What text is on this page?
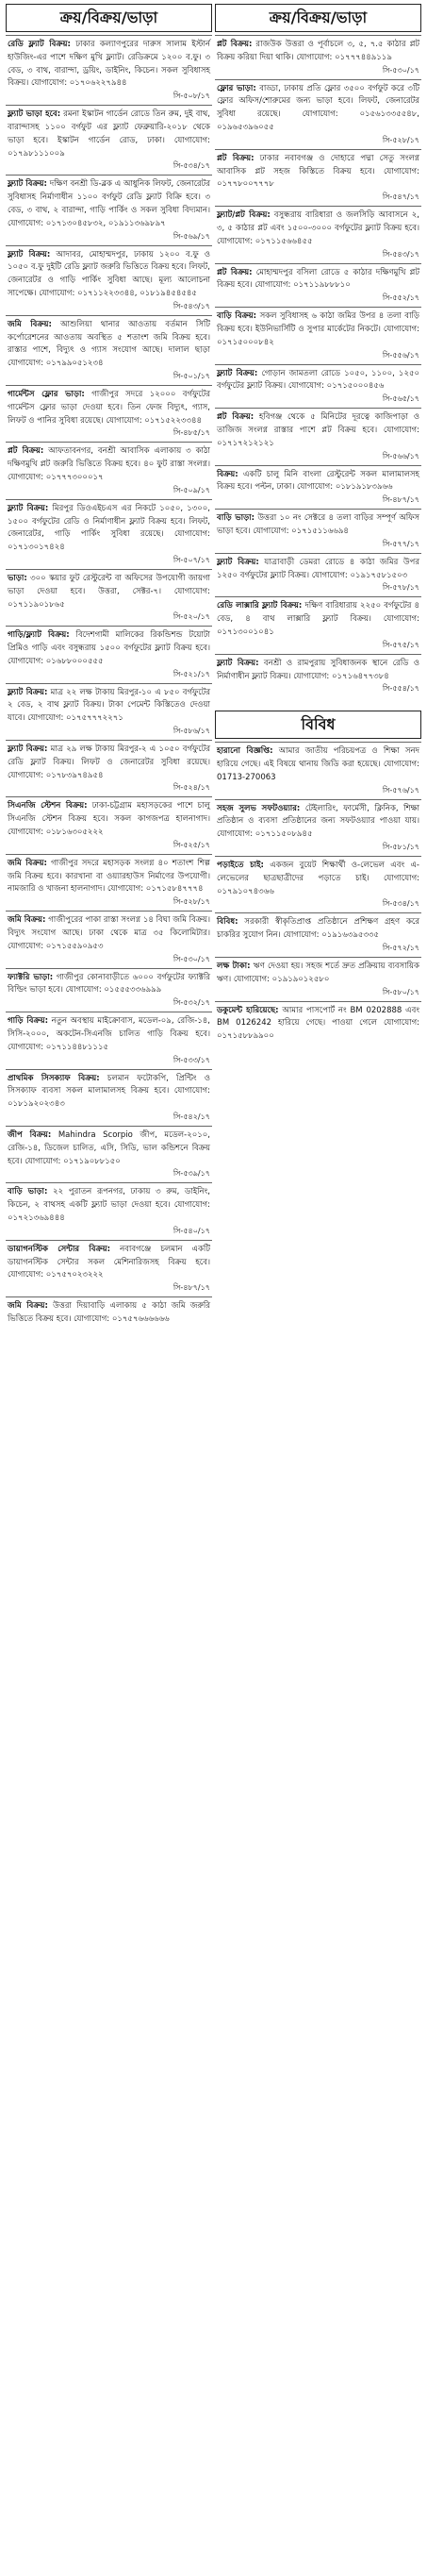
ক্রয়/বিক্রয়/ভাড়া
রেডি ফ্ল্যাট বিক্রয়: ঢাকার কল্যাণপুরের দারুস সালাম ইস্টার্ন হাউজিং-এর পাশে দক্ষিণ মুখি ফ্ল্যাট। রেডিক্রমে ১২০০ ব.ফু। ৩ বেড, ৩ বাথ, বারান্দা, ড্রয়িং, ডাইনিং, কিচেন। সকল সুবিধাসহ বিক্রয়। যোগাযোগ: ০১৭০৬২২৭৯৪৪
সি-৫০৮/১৭
ফ্ল্যাট ভাড়া হবে: রমনা ইস্কাটন গার্ডেন রোডে তিন রুম, দুই বাথ, বারান্দাসহ ১১০০ বর্গফুট এর ফ্ল্যাট ফেব্রুয়ারি-২০১৮ থেকে ভাড়া হবে। ইস্কাটন গার্ডেন রোড, ঢাকা। যোগাযোগ: ০১৭৯৮১১১০০৯
সি-৫৩৪/১৭
ফ্ল্যাট বিক্রয়: দক্ষিণ বনশ্রী ডি-ব্লক এ আধুনিক লিফট, জেনারেটর সুবিধাসহ নির্মাণাধীন ১১০০ বর্গফুট রেডি ফ্ল্যাট বিক্রি হবে। ৩ বেড, ৩ বাথ, ২ বারান্দা, গাড়ি পার্কিং ও সকল সুবিধা বিদ্যমান। যোগাযোগ: ০১৭১৩০৪৫৮৩২, ০১৯১১৩৬৯৮৯৭
সি-৫৬৯/১৭
ফ্ল্যাট বিক্রয়: আদাবর, মোহাম্মদপুর, ঢাকায় ১২০০ ব.ফু ও ১০৫০ ব.ফু দুইটি রেডি ফ্ল্যাট জরুরি ভিত্তিতে বিক্রয় হবে। লিফট, জেনারেটর ও গাড়ি পার্কিং সুবিধা আছে। মূল্য আলোচনা সাপেক্ষে। যোগাযোগ: ০১৭১১২২৩৩৪৪, ০১৮১৯৪৫৪৫৪৫
সি-৫৪৩/১৭
জমি বিক্রয়: আশুলিয়া থানার আওতায় বর্তমান সিটি কর্পোরেশনের আওতায় অবস্থিত ৫ শতাংশ জমি বিক্রয় হবে। রাস্তার পাশে, বিদ্যুৎ ও গ্যাস সংযোগ আছে। দালাল ছাড়া যোগাযোগ: ০১৭৯৯০৫১২৩৪
সি-৫০১/১৭
গার্মেন্টস ফ্লোর ভাড়া: গাজীপুর সদরে ১২০০০ বর্গফুটের গার্মেন্টস ফ্লোর ভাড়া দেওয়া হবে। তিন ফেজ বিদ্যুৎ, গ্যাস, লিফট ও পানির সুবিধা রয়েছে। যোগাযোগ: ০১৭১৫২২৩৩৪৪
সি-৪৮৫/১৭
প্লট বিক্রয়: আফতাবনগর, বনশ্রী আবাসিক এলাকায় ৩ কাঠা দক্ষিণমুখি প্লট জরুরি ভিত্তিতে বিক্রয় হবে। ৪০ ফুট রাস্তা সংলগ্ন। যোগাযোগ: ০১৭৭৭৩০০০১৭
সি-৫০৯/১৭
ফ্ল্যাট বিক্রয়: মিরপুর ডিওএইচএস এর নিকটে ১০৫০, ১৩০০, ১৫০০ বর্গফুটের রেডি ও নির্মাণাধীন ফ্ল্যাট বিক্রয় হবে। লিফট, জেনারেটর, গাড়ি পার্কিং সুবিধা রয়েছে। যোগাযোগ: ০১৭১৩০১৭৪২৪
সি-৫০৭/১৭
ভাড়া: ৩০০ স্কয়ার ফুট রেস্টুরেন্ট বা অফিসের উপযোগী জায়গা ভাড়া দেওয়া হবে। উত্তরা, সেক্টর-৭। যোগাযোগ: ০১৭১১৯০১৮৬৫
সি-৫২০/১৭
গাড়ি/ফ্ল্যাট বিক্রয়: বিদেশগামী মালিকের রিকন্ডিশন্ড টয়োটা প্রিমিও গাড়ি এবং বসুন্ধরায় ১৫০০ বর্গফুটের ফ্ল্যাট বিক্রয় হবে। যোগাযোগ: ০১৬৮৮০০০৫৫৫
সি-৫২১/১৭
ফ্ল্যাট বিক্রয়: মাত্র ২২ লক্ষ টাকায় মিরপুর-১০ এ ৮৫০ বর্গফুটের ২ বেড, ২ বাথ ফ্ল্যাট বিক্রয়। টাকা পেমেন্ট কিস্তিতেও দেওয়া যাবে। যোগাযোগ: ০১৭৫৭৭৭২২৭১
সি-৫৮৬/১৭
ফ্ল্যাট বিক্রয়: মাত্র ২৯ লক্ষ টাকায় মিরপুর-২ এ ১০৫০ বর্গফুটের রেডি ফ্ল্যাট বিক্রয়। লিফট ও জেনারেটর সুবিধা রয়েছে। যোগাযোগ: ০১৭৮৩৯৭৪৯৫৪
সি-৫২৪/১৭
সিএনজি স্টেশন বিক্রয়: ঢাকা-চট্টগ্রাম মহাসড়কের পাশে চালু সিএনজি স্টেশন বিক্রয় হবে। সকল কাগজপত্র হালনাগাদ। যোগাযোগ: ০১৮১৬৩০৫২২২
সি-৫২৫/১৭
জমি বিক্রয়: গাজীপুর সদরে মহাসড়ক সংলগ্ন ৪০ শতাংশ শিল্প জমি বিক্রয় হবে। কারখানা বা ওয়্যারহাউস নির্মাণের উপযোগী। নামজারি ও খাজনা হালনাগাদ। যোগাযোগ: ০১৭১৫৮৪৭৭৭৪
সি-৫২৮/১৭
জমি বিক্রয়: গাজীপুরের পাকা রাস্তা সংলগ্ন ১৪ বিঘা জমি বিক্রয়। বিদ্যুৎ সংযোগ আছে। ঢাকা থেকে মাত্র ৩৫ কিলোমিটার। যোগাযোগ: ০১৭১৫৫৯০৯৫৩
সি-৫৩০/১৭
ফ্যাক্টরি ভাড়া: গাজীপুর কোনাবাড়ীতে ৬০০০ বর্গফুটের ফ্যাক্টরি বিল্ডিং ভাড়া হবে। যোগাযোগ: ০১৫৫৫৩৩৬৯৯৯
সি-৫৩২/১৭
গাড়ি বিক্রয়: নতুন অবস্থায় মাইক্রোবাস, মডেল-০৯, রেজি-১৪, সিসি-২০০০, অকটেন-সিএনজি চালিত গাড়ি বিক্রয় হবে। যোগাযোগ: ০১৭১১৪৪৮১১১৫
সি-৫৩৩/১৭
প্রাথমিক সিসক্যাফ বিক্রয়: চলমান ফটোকপি, প্রিন্টিং ও সিসক্যাফ ব্যবসা সকল মালামালসহ বিক্রয় হবে। যোগাযোগ: ০১৮১৯২০২৩৪৩
সি-৫৪২/১৭
জীপ বিক্রয়: Mahindra Scorpio জীপ, মডেল-২০১০, রেজি-১৪, ডিজেল চালিত, এসি, সিডি, ভাল কন্ডিশনে বিক্রয় হবে। যোগাযোগ: ০১৭১৯০৮৮১৫০
সি-৫৩৯/১৭
বাড়ি ভাড়া: ২২ পুরাতন রূপনগর, ঢাকায় ৩ রুম, ডাইনিং, কিচেন, ২ বাথসহ একটি ফ্ল্যাট ভাড়া দেওয়া হবে। যোগাযোগ: ০১৭২১৩৬৯৪৪৪
সি-৫৪০/১৭
ডায়াগনস্টিক সেন্টার বিক্রয়: নবাবগঞ্জে চলমান একটি ডায়াগনস্টিক সেন্টার সকল মেশিনারিজসহ বিক্রয় হবে। যোগাযোগ: ০১৭৫৭০২৩২২২
সি-৪৮৭/১৭
জমি বিক্রয়: উত্তরা দিয়াবাড়ি এলাকায় ৫ কাঠা জমি জরুরি ভিত্তিতে বিক্রয় হবে। যোগাযোগ: ০১৭৫৭৬৬৬৬৬৬
ক্রয়/বিক্রয়/ভাড়া
প্লট বিক্রয়: রাজউক উত্তরা ও পূর্বাচলে ৩, ৫, ৭.৫ কাঠার প্লট বিক্রয় করিয়া দিয়া থাকি। যোগাযোগ: ০১৭৭৭৪৪৯১১৯
সি-৫৩০/১৭
ফ্লোর ভাড়া: বাড্ডা, ঢাকায় প্রতি ফ্লোর ৩৫০০ বর্গফুট করে ৩টি ফ্লোর অফিস/শোরুমের জন্য ভাড়া হবে। লিফট, জেনারেটর সুবিধা রয়েছে। যোগাযোগ: ০১৫৬১৩৩৫৫৪৮, ০১৯৬৫৩৯৬০৫৫
সি-৫২৮/১৭
প্লট বিক্রয়: ঢাকার নবাবগঞ্জ ও দোহারে পদ্মা সেতু সংলগ্ন আবাসিক প্লট সহজ কিস্তিতে বিক্রয় হবে। যোগাযোগ: ০১৭৭৮০০৭৭৭৮
সি-৫৪৭/১৭
ফ্ল্যাট/প্লট বিক্রয়: বসুন্ধরায় বারিধারা ও জলসিড়ি আবাসনে ২, ৩, ৫ কাঠার প্লট এবং ১৫০০-৩০০০ বর্গফুটের ফ্ল্যাট বিক্রয় হবে। যোগাযোগ: ০১৭১১৫৬৬৪৫৫
সি-৫৪৩/১৭
প্লট বিক্রয়: মোহাম্মদপুর বসিলা রোডে ৫ কাঠার দক্ষিণমুখি প্লট বিক্রয় হবে। যোগাযোগ: ০১৭১১৯৮৮৮১০
সি-৫৫২/১৭
বাড়ি বিক্রয়: সকল সুবিধাসহ ৬ কাঠা জমির উপর ৪ তলা বাড়ি বিক্রয় হবে। ইউনিভার্সিটি ও সুপার মার্কেটের নিকটে। যোগাযোগ: ০১৭১৫০০০৮৪২
সি-৫৫৬/১৭
ফ্ল্যাট বিক্রয়: গোড়ান জামতলা রোডে ১০৫০, ১১০০, ১২৫০ বর্গফুটের ফ্ল্যাট বিক্রয়। যোগাযোগ: ০১৭১৫০০০৪৫৬
সি-৫৬৫/১৭
প্লট বিক্রয়: হবিগঞ্জ থেকে ৫ মিনিটের দূরত্বে কাজিপাড়া ও তাজিজ সংলগ্ন রাস্তার পাশে প্লট বিক্রয় হবে। যোগাযোগ: ০১৭১৭২১২১২১
সি-৫৬৬/১৭
বিক্রয়: একটি চালু মিনি বাংলা রেস্টুরেন্ট সকল মালামালসহ বিক্রয় হবে। পল্টন, ঢাকা। যোগাযোগ: ০১৮১৯১৮৩৯৬৬
সি-৪৮৭/১৭
বাড়ি ভাড়া: উত্তরা ১০ নং সেক্টরে ৪ তলা বাড়ির সম্পূর্ণ অফিস ভাড়া হবে। যোগাযোগ: ০১৭১৫১১৬৬৯৪
সি-৫৭৭/১৭
ফ্ল্যাট বিক্রয়: যাত্রাবাড়ী ডেমরা রোডে ৪ কাঠা জমির উপর ১২৫০ বর্গফুটের ফ্ল্যাট বিক্রয়। যোগাযোগ: ০১৯১৭৫৮১৫০৩
সি-৫৭৮/১৭
রেডি লাক্সারি ফ্ল্যাট বিক্রয়: দক্ষিণ বারিধারায় ২২৫০ বর্গফুটের ৪ বেড, ৪ বাথ লাক্সারি ফ্ল্যাট বিক্রয়। যোগাযোগ: ০১৭১৩০০১০৪১
সি-৫৭৫/১৭
ফ্ল্যাট বিক্রয়: বনশ্রী ও রামপুরায় সুবিধাজনক স্থানে রেডি ও নির্মাণাধীন ফ্ল্যাট বিক্রয়। যোগাযোগ: ০১৭১৬৪৭৭৩৮৪
সি-৫৫৪/১৭
বিবিধ
হারানো বিজ্ঞপ্তি: আমার জাতীয় পরিচয়পত্র ও শিক্ষা সনদ হারিয়ে গেছে। এই বিষয়ে থানায় জিডি করা হয়েছে। যোগাযোগ: 01713-270063
সি-৫৭৬/১৭
সহজ সুলভ সফটওয়্যার: টেইলারিং, ফার্মেসী, ক্লিনিক, শিক্ষা প্রতিষ্ঠান ও ব্যবসা প্রতিষ্ঠানের জন্য সফটওয়্যার পাওয়া যায়। যোগাযোগ: ০১৭১১৫০৮৯৪৫
সি-৫৮১/১৭
পড়াইতে চাই: একজন বুয়েট শিক্ষার্থী ও-লেভেল এবং এ-লেভেলের ছাত্রছাত্রীদের পড়াতে চাই। যোগাযোগ: ০১৭৯১০৭৪৩৬৬
সি-৫৩৪/১৭
বিবিধ: সরকারী স্বীকৃতিপ্রাপ্ত প্রতিষ্ঠানে প্রশিক্ষণ গ্রহণ করে চাকরির সুযোগ নিন। যোগাযোগ: ০১৯১৬৩৯৫৩৩৫
সি-৫৭২/১৭
লক্ষ টাকা: ঋণ দেওয়া হয়। সহজ শর্তে দ্রুত প্রক্রিয়ায় ব্যবসায়িক ঋণ। যোগাযোগ: ০১৯১৯০১২৫৮০
সি-৫৮০/১৭
ডকুমেন্ট হারিয়েছে: আমার পাসপোর্ট নং BM 0202888 এবং BM 0126242 হারিয়ে গেছে। পাওয়া গেলে যোগাযোগ: ০১৭১৫৮৮৯৯০০
